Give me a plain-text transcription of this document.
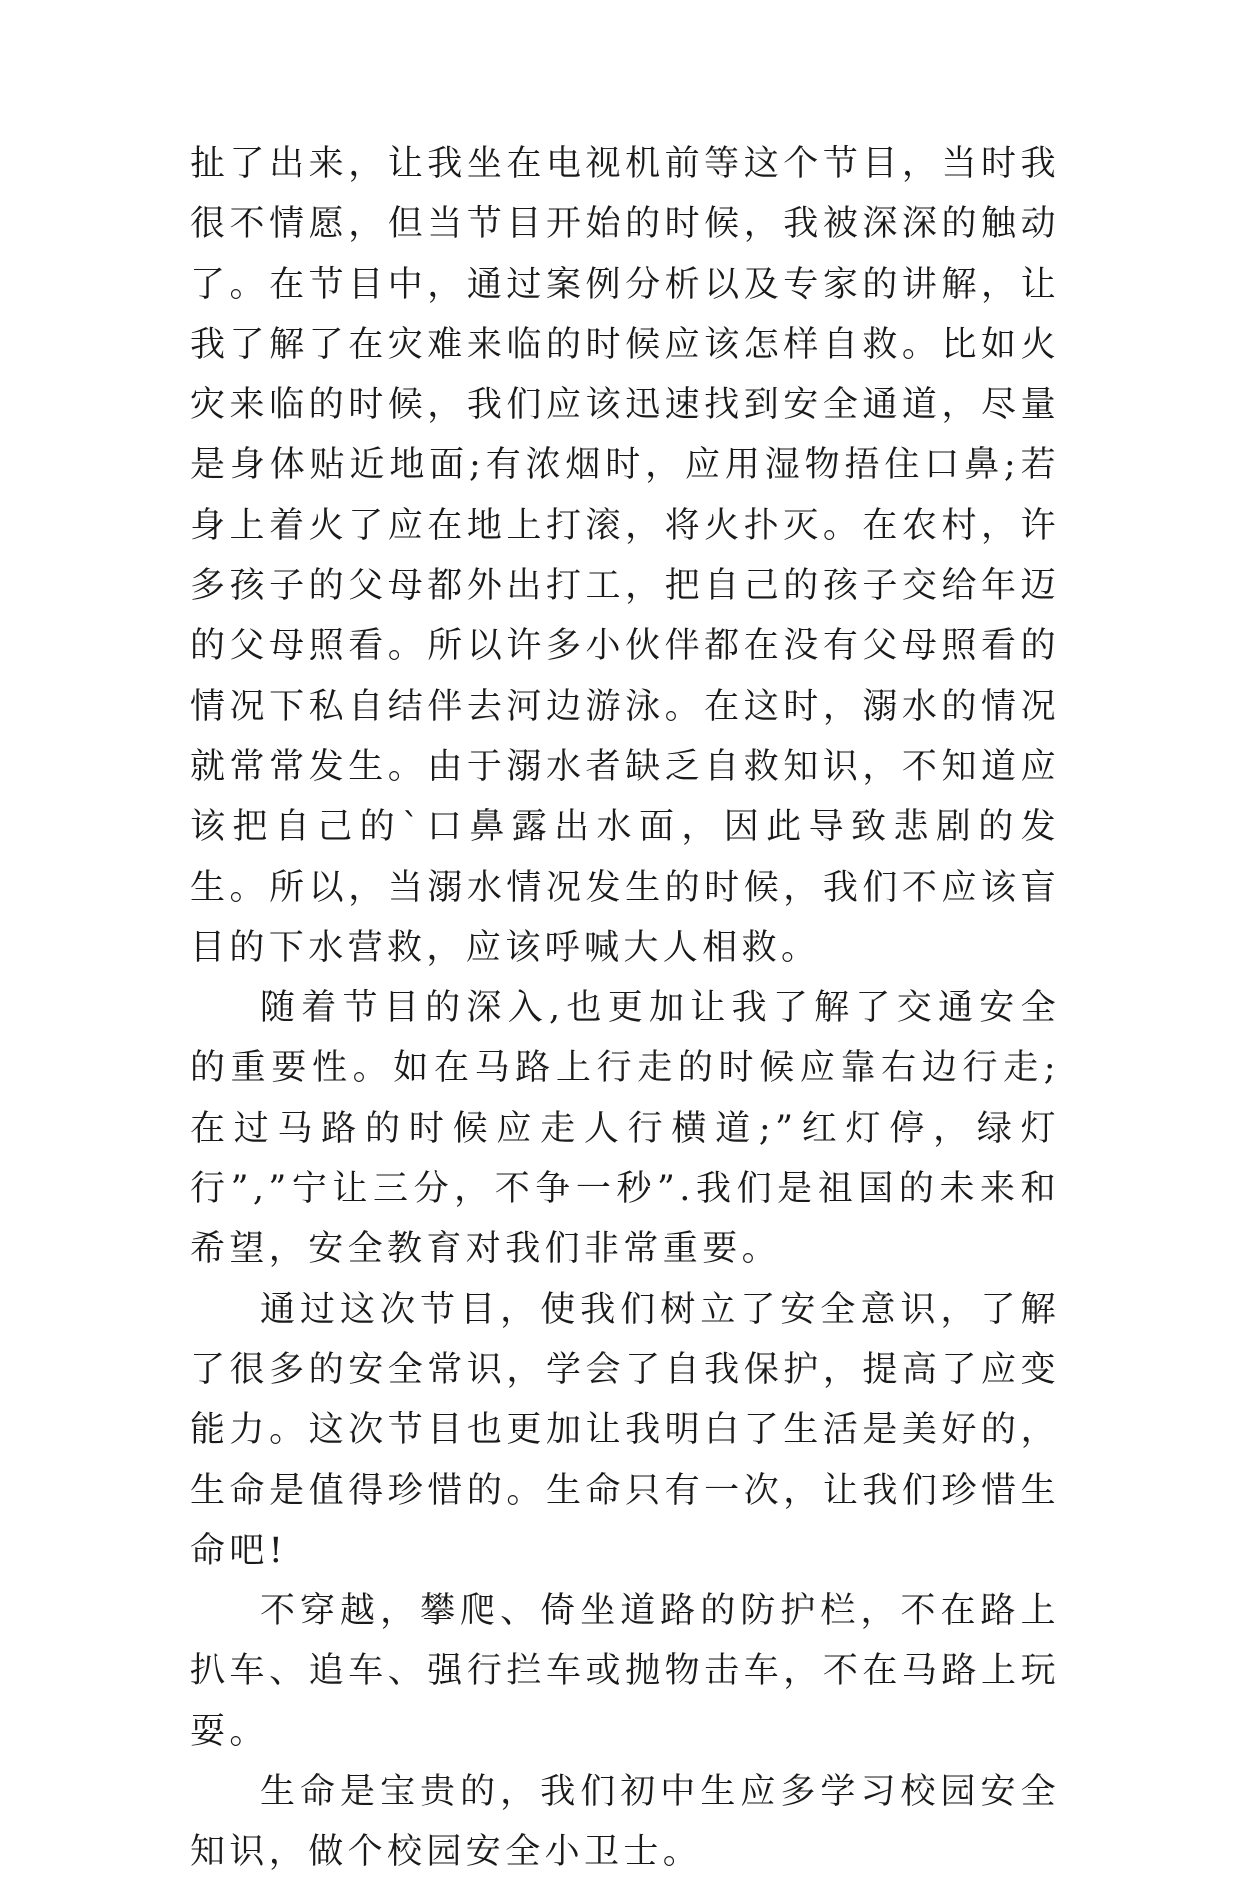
扯了出来，让我坐在电视机前等这个节目，当时我很不情愿，但当节目开始的时候，我被深深的触动了。在节目中，通过案例分析以及专家的讲解，让我了解了在灾难来临的时候应该怎样自救。比如火灾来临的时候，我们应该迅速找到安全通道，尽量是身体贴近地面;有浓烟时，应用湿物捂住口鼻;若身上着火了应在地上打滚，将火扑灭。在农村，许多孩子的父母都外出打工，把自己的孩子交给年迈的父母照看。所以许多小伙伴都在没有父母照看的情况下私自结伴去河边游泳。在这时，溺水的情况就常常发生。由于溺水者缺乏自救知识，不知道应该把自己的`口鼻露出水面，因此导致悲剧的发生。所以，当溺水情况发生的时候，我们不应该盲目的下水营救，应该呼喊大人相救。

随着节目的深入,也更加让我了解了交通安全的重要性。如在马路上行走的时候应靠右边行走;在过马路的时候应走人行横道;”红灯停，绿灯行”,”宁让三分，不争一秒”.我们是祖国的未来和希望，安全教育对我们非常重要。

通过这次节目，使我们树立了安全意识，了解了很多的安全常识，学会了自我保护，提高了应变能力。这次节目也更加让我明白了生活是美好的，生命是值得珍惜的。生命只有一次，让我们珍惜生命吧!

不穿越，攀爬、倚坐道路的防护栏，不在路上扒车、追车、强行拦车或抛物击车，不在马路上玩耍。

生命是宝贵的，我们初中生应多学习校园安全知识，做个校园安全小卫士。
